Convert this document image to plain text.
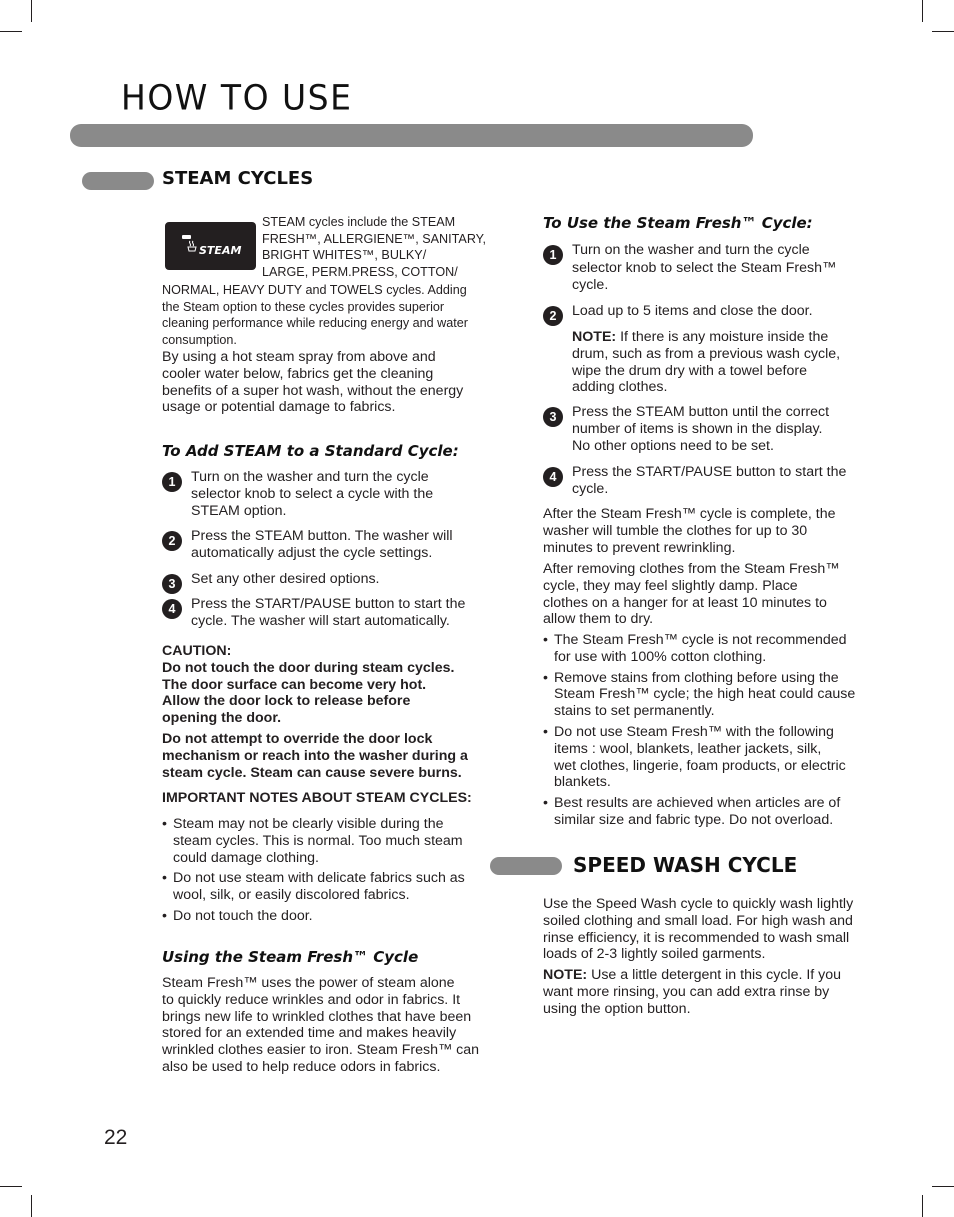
HOW TO USE
STEAM CYCLES
STEAM
STEAM cycles include the STEAM
FRESH™, ALLERGIENE™, SANITARY,
BRIGHT WHITES™, BULKY/
LARGE, PERM.PRESS, COTTON/
NORMAL, HEAVY DUTY and TOWELS cycles. Adding
the Steam option to these cycles provides superior
cleaning performance while reducing energy and water
consumption.
By using a hot steam spray from above and
cooler water below, fabrics get the cleaning
benefits of a super hot wash, without the energy
usage or potential damage to fabrics.
To Add STEAM to a Standard Cycle:
1	Turn on the washer and turn the cycle
selector knob to select a cycle with the
STEAM option.
2	Press the STEAM button. The washer will
automatically adjust the cycle settings.
3	Set any other desired options.
4	Press the START/PAUSE button to start the
cycle. The washer will start automatically.
CAUTION:
Do not touch the door during steam cycles.
The door surface can become very hot.
Allow the door lock to release before
opening the door.
Do not attempt to override the door lock
mechanism or reach into the washer during a
steam cycle. Steam can cause severe burns.
IMPORTANT NOTES ABOUT STEAM CYCLES:
• Steam may not be clearly visible during the
steam cycles. This is normal. Too much steam
could damage clothing.
• Do not use steam with delicate fabrics such as
wool, silk, or easily discolored fabrics.
• Do not touch the door.
Using the Steam Fresh™ Cycle
Steam Fresh™ uses the power of steam alone
to quickly reduce wrinkles and odor in fabrics. It
brings new life to wrinkled clothes that have been
stored for an extended time and makes heavily
wrinkled clothes easier to iron. Steam Fresh™ can
also be used to help reduce odors in fabrics.
To Use the Steam Fresh™ Cycle:
1	Turn on the washer and turn the cycle
selector knob to select the Steam Fresh™
cycle.
2	Load up to 5 items and close the door.
NOTE: If there is any moisture inside the
drum, such as from a previous wash cycle,
wipe the drum dry with a towel before
adding clothes.
3	Press the STEAM button until the correct
number of items is shown in the display.
No other options need to be set.
4	Press the START/PAUSE button to start the
cycle.
After the Steam Fresh™ cycle is complete, the
washer will tumble the clothes for up to 30
minutes to prevent rewrinkling.
After removing clothes from the Steam Fresh™
cycle, they may feel slightly damp. Place
clothes on a hanger for at least 10 minutes to
allow them to dry.
• The Steam Fresh™ cycle is not recommended
for use with 100% cotton clothing.
• Remove stains from clothing before using the
Steam Fresh™ cycle; the high heat could cause
stains to set permanently.
• Do not use Steam Fresh™ with the following
items : wool, blankets, leather jackets, silk,
wet clothes, lingerie, foam products, or electric
blankets.
• Best results are achieved when articles are of
similar size and fabric type. Do not overload.
SPEED WASH CYCLE
Use the Speed Wash cycle to quickly wash lightly
soiled clothing and small load. For high wash and
rinse efficiency, it is recommended to wash small
loads of 2-3 lightly soiled garments.
NOTE: Use a little detergent in this cycle. If you
want more rinsing, you can add extra rinse by
using the option button.

22
